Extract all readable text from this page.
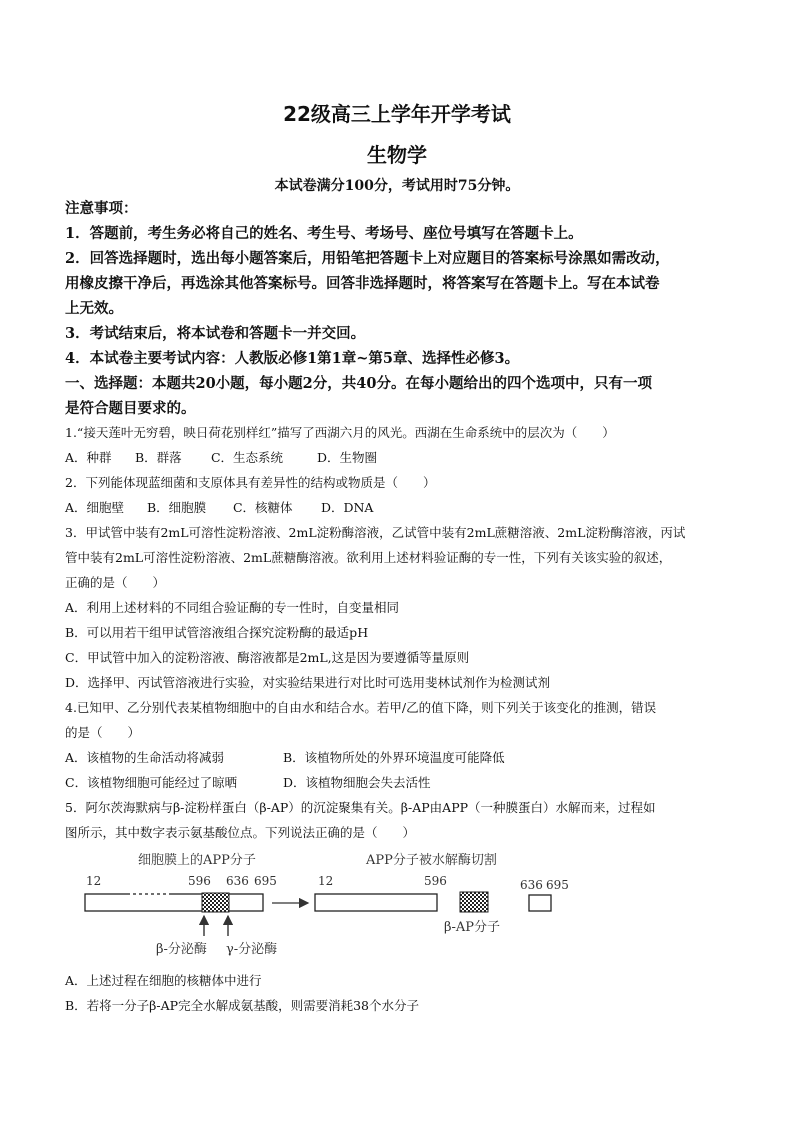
22级高三上学年开学考试
生物学
本试卷满分100分，考试用时75分钟。
注意事项：
1．答题前，考生务必将自己的姓名、考生号、考场号、座位号填写在答题卡上。
2．回答选择题时，选出每小题答案后，用铅笔把答题卡上对应题目的答案标号涂黑如需改动，
用橡皮擦干净后，再选涂其他答案标号。回答非选择题时，将答案写在答题卡上。写在本试卷
上无效。
3．考试结束后，将本试卷和答题卡一并交回。
4．本试卷主要考试内容：人教版必修1第1章~第5章、选择性必修3。
一、选择题：本题共20小题，每小题2分，共40分。在每小题给出的四个选项中，只有一项
是符合题目要求的。
1.“接天莲叶无穷碧，映日荷花别样红”描写了西湖六月的风光。西湖在生命系统中的层次为（　　）
A．种群 B．群落 C．生态系统	D．生物圈
2．下列能体现蓝细菌和支原体具有差异性的结构或物质是（　　）
A．细胞壁 B．细胞膜 C．核糖体 D．DNA
3．甲试管中装有2mL可溶性淀粉溶液、2mL淀粉酶溶液，乙试管中装有2mL蔗糖溶液、2mL淀粉酶溶液，丙试
管中装有2mL可溶性淀粉溶液、2mL蔗糖酶溶液。欲利用上述材料验证酶的专一性，下列有关该实验的叙述，
正确的是（　　）
A．利用上述材料的不同组合验证酶的专一性时，自变量相同
B．可以用若干组甲试管溶液组合探究淀粉酶的最适pH
C．甲试管中加入的淀粉溶液、酶溶液都是2mL,这是因为要遵循等量原则
D．选择甲、丙试管溶液进行实验，对实验结果进行对比时可选用斐林试剂作为检测试剂
4.已知甲、乙分别代表某植物细胞中的自由水和结合水。若甲/乙的值下降，则下列关于该变化的推测，错误
的是（　　）
A．该植物的生命活动将减弱	B．该植物所处的外界环境温度可能降低
C．该植物细胞可能经过了晾晒	D．该植物细胞会失去活性
5．阿尔茨海默病与β-淀粉样蛋白（β-AP）的沉淀聚集有关。β-AP由APP（一种膜蛋白）水解而来，过程如
图所示，其中数字表示氨基酸位点。下列说法正确的是（　　）
细胞膜上的APP分子	APP分子被水解酶切割
12	596 636 695	12	596	636 695
β-分泌酶 γ-分泌酶
β-AP分子
A．上述过程在细胞的核糖体中进行
B．若将一分子β-AP完全水解成氨基酸，则需要消耗38个水分子
